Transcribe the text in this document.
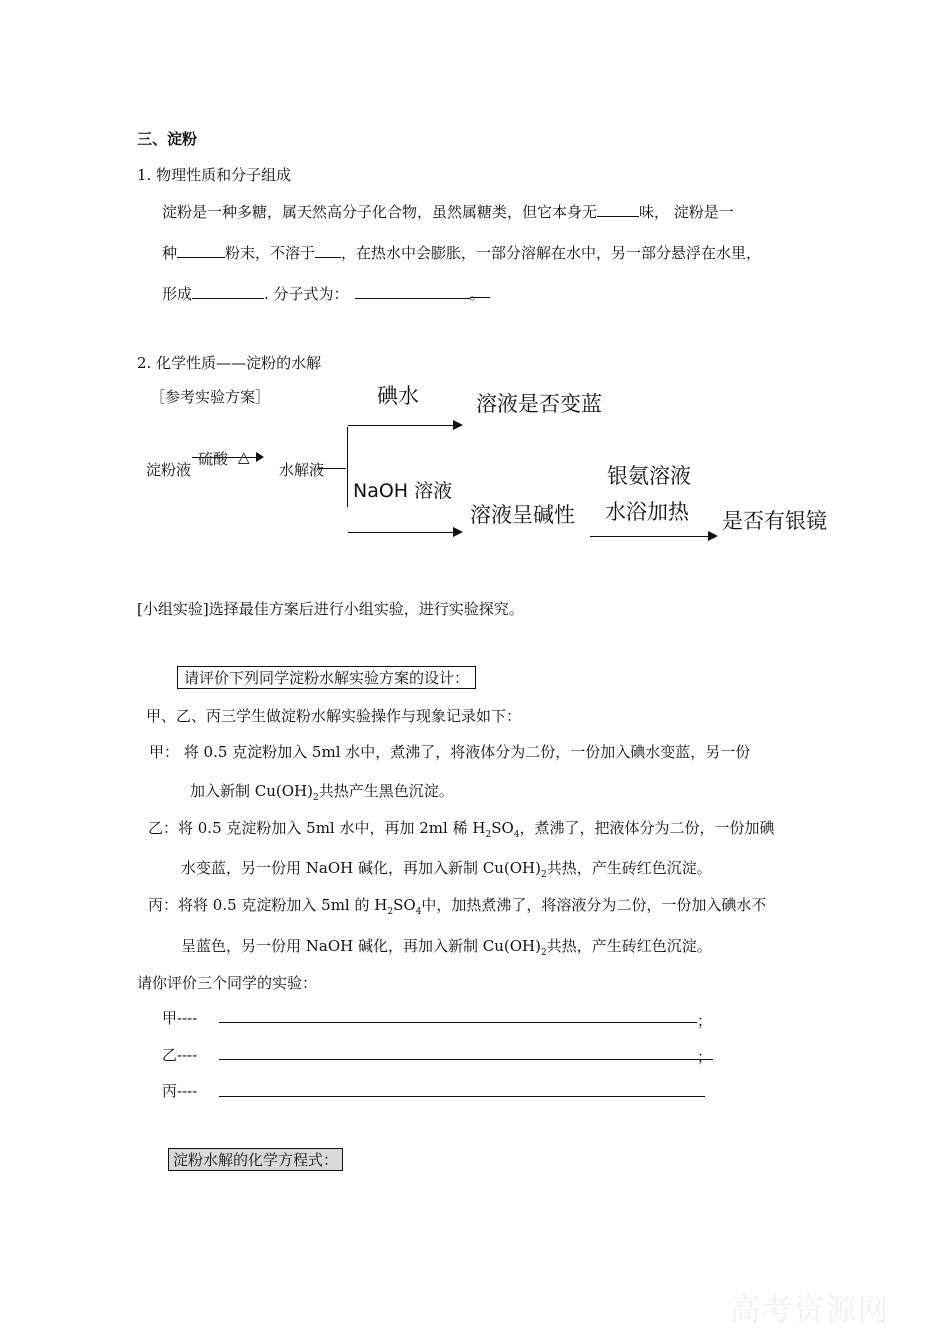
三、淀粉
1. 物理性质和分子组成
淀粉是一种多糖，属天然高分子化合物，虽然属糖类，但它本身无	味， 淀粉是一
种	粉末，不溶于 ，在热水中会膨胀，一部分溶解在水中，另一部分悬浮在水里，
形成	. 分子式为：	。
2. 化学性质——淀粉的水解
［参考实验方案］
淀粉液
硫酸 △
水解液
碘水	溶液是否变蓝
NaOH 溶液
溶液呈碱性
银氨溶液
水浴加热 是否有银镜
[小组实验]选择最佳方案后进行小组实验，进行实验探究。
请评价下列同学淀粉水解实验方案的设计：
甲、乙、丙三学生做淀粉水解实验操作与现象记录如下：
甲： 将 0.5 克淀粉加入 5ml 水中，煮沸了，将液体分为二份，一份加入碘水变蓝，另一份
加入新制 $Cu(OH)_2$共热产生黑色沉淀。
乙：将 0.5 克淀粉加入 5ml 水中，再加 2ml 稀 $H_2SO_4$，煮沸了，把液体分为二份，一份加碘
水变蓝，另一份用 NaOH 碱化，再加入新制 $Cu(OH)_2$共热，产生砖红色沉淀。
丙：将将 0.5 克淀粉加入 5ml 的 $H_2SO_4$中，加热煮沸了，将溶液分为二份，一份加入碘水不
呈蓝色，另一份用 NaOH 碱化，再加入新制 $Cu(OH)_2$共热，产生砖红色沉淀。
请你评价三个同学的实验：
甲----	；
乙----	；
丙----
淀粉水解的化学方程式：
高考资源网
